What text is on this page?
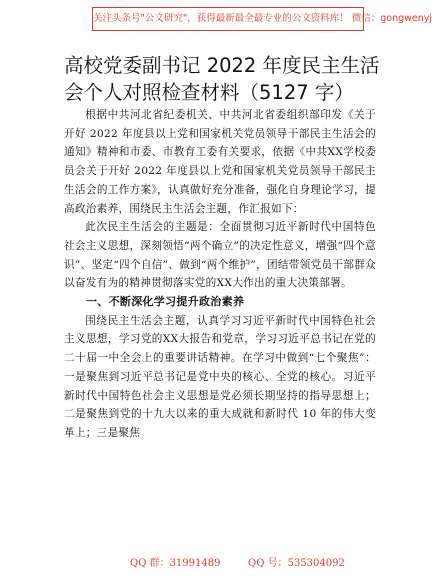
关注头条号"公文研究"，获得最新最全最专业的公文资料库！ 微信：gongwenyj
高校党委副书记 2022 年度民主生活会个人对照检查材料（5127 字）

根据中共河北省纪委机关、中共河北省委组织部印发《关于开好 2022 年度县以上党和国家机关党员领导干部民主生活会的通知》精神和市委、市教育工委有关要求，依据《中共XX学校委员会关于开好 2022 年度县以上党和国家机关党员领导干部民主生活会的工作方案》，认真做好充分准备，强化自身理论学习，提高政治素养，围绕民主生活会主题，作汇报如下：

此次民主生活会的主题是：全面贯彻习近平新时代中国特色社会主义思想，深刻领悟“两个确立”的决定性意义，增强“四个意识”、坚定“四个自信”、做到“两个维护”，团结带领党员干部群众以奋发有为的精神贯彻落实党的XX大作出的重大决策部署。

一、不断深化学习提升政治素养

围绕民主生活会主题，认真学习习近平新时代中国特色社会主义思想，学习党的XX大报告和党章，学习习近平总书记在党的二十届一中全会上的重要讲话精神。在学习中做到“七个聚焦”：一是聚焦到习近平总书记是党中央的核心、全党的核心。习近平新时代中国特色社会主义思想是党必须长期坚持的指导思想上；二是聚焦到党的十九大以来的重大成就和新时代 10 年的伟大变革上；三是聚焦

QQ 群：31991489	QQ 号：535304092
